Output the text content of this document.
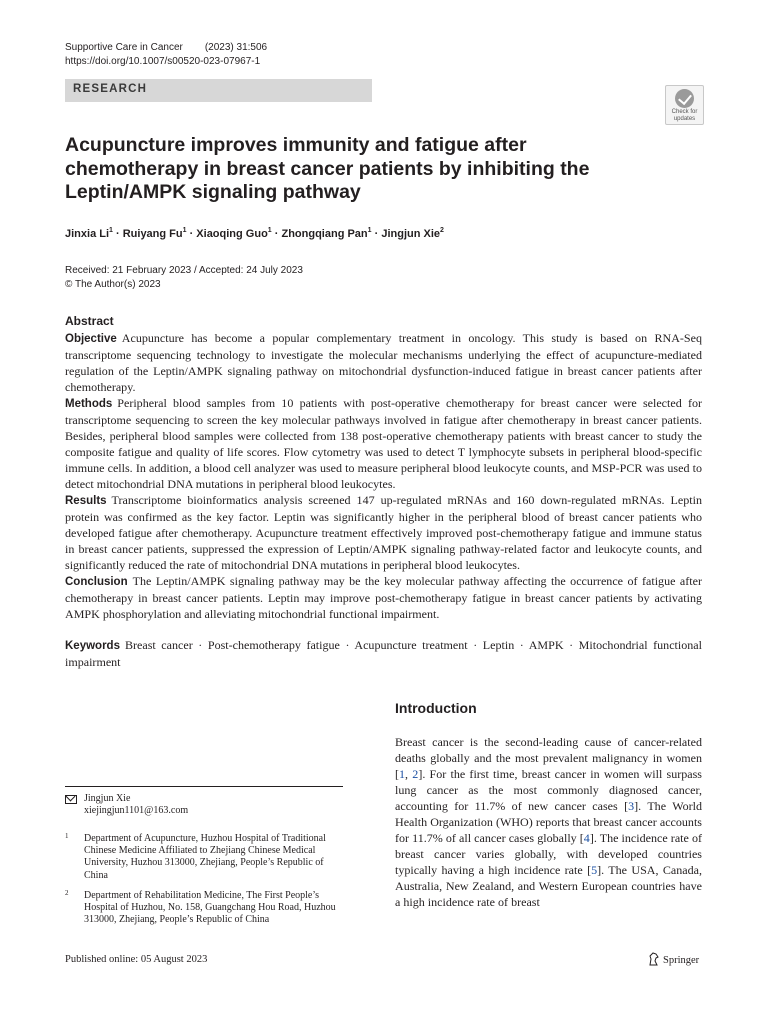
Supportive Care in Cancer (2023) 31:506
https://doi.org/10.1007/s00520-023-07967-1
RESEARCH
Check for
updates
Acupuncture improves immunity and fatigue after chemotherapy in breast cancer patients by inhibiting the Leptin/AMPK signaling pathway
Jinxia $Li^1$ · Ruiyang $Fu^1$ · Xiaoqing Guo$^1$ · Zhongqiang Pan$^1$ · Jingjun Xie$^2$
Received: 21 February 2023 / Accepted: 24 July 2023
© The Author(s) 2023
Abstract

Objective Acupuncture has become a popular complementary treatment in oncology. This study is based on RNA-Seq transcriptome sequencing technology to investigate the molecular mechanisms underlying the effect of acupuncture-mediated regulation of the Leptin/AMPK signaling pathway on mitochondrial dysfunction-induced fatigue in breast cancer patients after chemotherapy.

Methods Peripheral blood samples from 10 patients with post-operative chemotherapy for breast cancer were selected for transcriptome sequencing to screen the key molecular pathways involved in fatigue after chemotherapy in breast cancer patients. Besides, peripheral blood samples were collected from 138 post-operative chemotherapy patients with breast cancer to study the composite fatigue and quality of life scores. Flow cytometry was used to detect T lymphocyte subsets in peripheral blood-specific immune cells. In addition, a blood cell analyzer was used to measure peripheral blood leukocyte counts, and MSP-PCR was used to detect mitochondrial DNA mutations in peripheral blood leukocytes.

Results Transcriptome bioinformatics analysis screened 147 up-regulated mRNAs and 160 down-regulated mRNAs. Leptin protein was confirmed as the key factor. Leptin was significantly higher in the peripheral blood of breast cancer patients who developed fatigue after chemotherapy. Acupuncture treatment effectively improved post-chemotherapy fatigue and immune status in breast cancer patients, suppressed the expression of Leptin/AMPK signaling pathway-related factor and leukocyte counts, and significantly reduced the rate of mitochondrial DNA mutations in peripheral blood leukocytes.

Conclusion The Leptin/AMPK signaling pathway may be the key molecular pathway affecting the occurrence of fatigue after chemotherapy in breast cancer patients. Leptin may improve post-chemotherapy fatigue in breast cancer patients by activating AMPK phosphorylation and alleviating mitochondrial functional impairment.

Keywords Breast cancer · Post-chemotherapy fatigue · Acupuncture treatment · Leptin · AMPK · Mitochondrial functional impairment
Introduction
Breast cancer is the second-leading cause of cancer-related deaths globally and the most prevalent malignancy in women [1, 2]. For the first time, breast cancer in women will surpass lung cancer as the most commonly diagnosed cancer, accounting for 11.7% of new cancer cases [3]. The World Health Organization (WHO) reports that breast cancer accounts for 11.7% of all cancer cases globally [4]. The incidence rate of breast cancer varies globally, with developed countries typically having a high incidence rate [5]. The USA, Canada, Australia, New Zealand, and Western European countries have a high incidence rate of breast
Jingjun Xie
xiejingjun1101@163.com
1 Department of Acupuncture, Huzhou Hospital of Traditional Chinese Medicine Affiliated to Zhejiang Chinese Medical University, Huzhou 313000, Zhejiang, People’s Republic of China
2 Department of Rehabilitation Medicine, The First People’s Hospital of Huzhou, No. 158, Guangchang Hou Road, Huzhou 313000, Zhejiang, People’s Republic of China
Published online: 05 August 2023	Springer
